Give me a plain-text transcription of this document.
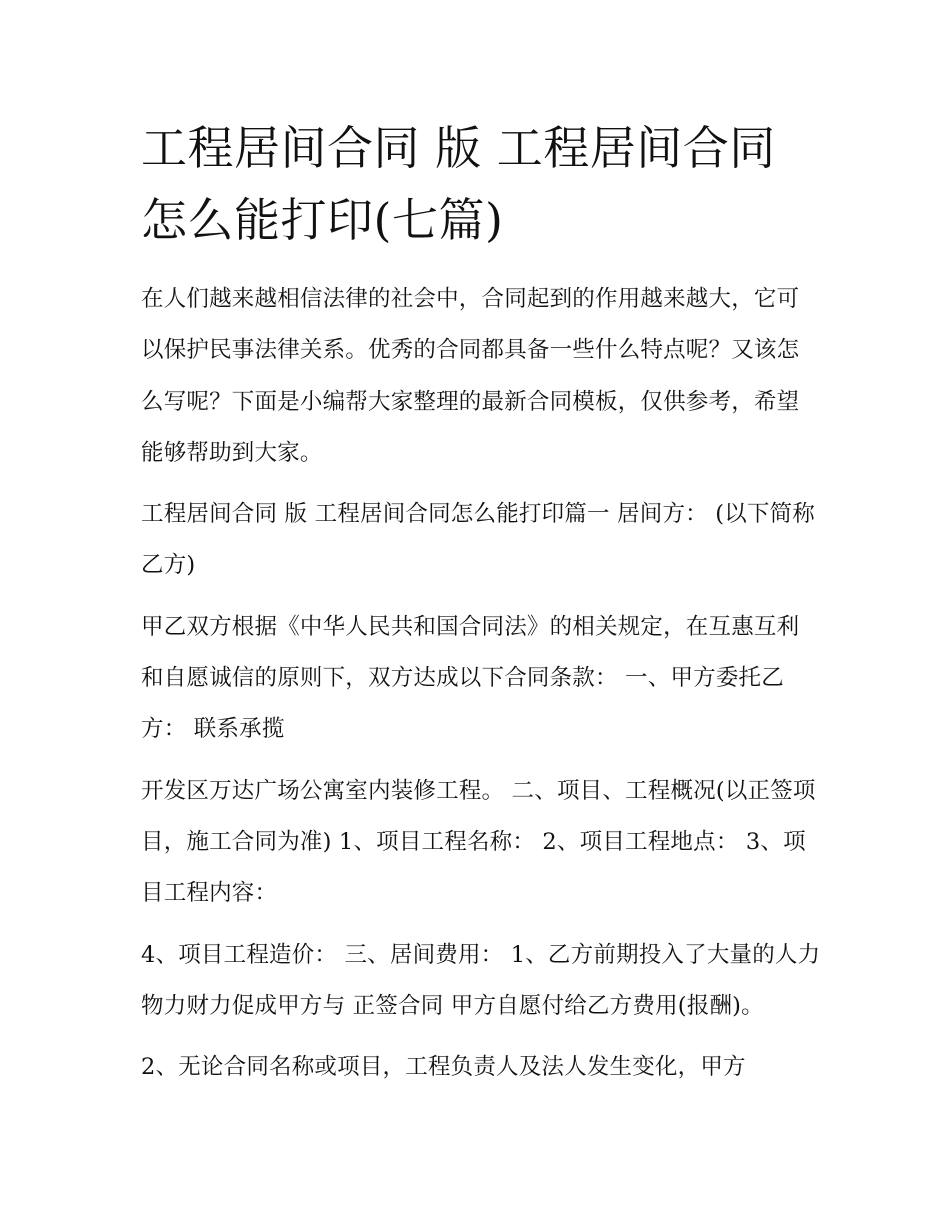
工程居间合同 版 工程居间合同怎么能打印(七篇)

在人们越来越相信法律的社会中，合同起到的作用越来越大，它可以保护民事法律关系。优秀的合同都具备一些什么特点呢？又该怎么写呢？下面是小编帮大家整理的最新合同模板，仅供参考，希望能够帮助到大家。

工程居间合同 版 工程居间合同怎么能打印篇一 居间方： (以下简称乙方)

甲乙双方根据《中华人民共和国合同法》的相关规定，在互惠互利和自愿诚信的原则下，双方达成以下合同条款： 一、甲方委托乙方： 联系承揽

开发区万达广场公寓室内装修工程。 二、项目、工程概况(以正签项目，施工合同为准) 1、项目工程名称： 2、项目工程地点： 3、项目工程内容：

4、项目工程造价： 三、居间费用： 1、乙方前期投入了大量的人力物力财力促成甲方与 正签合同 甲方自愿付给乙方费用(报酬)。

2、无论合同名称或项目，工程负责人及法人发生变化，甲方
